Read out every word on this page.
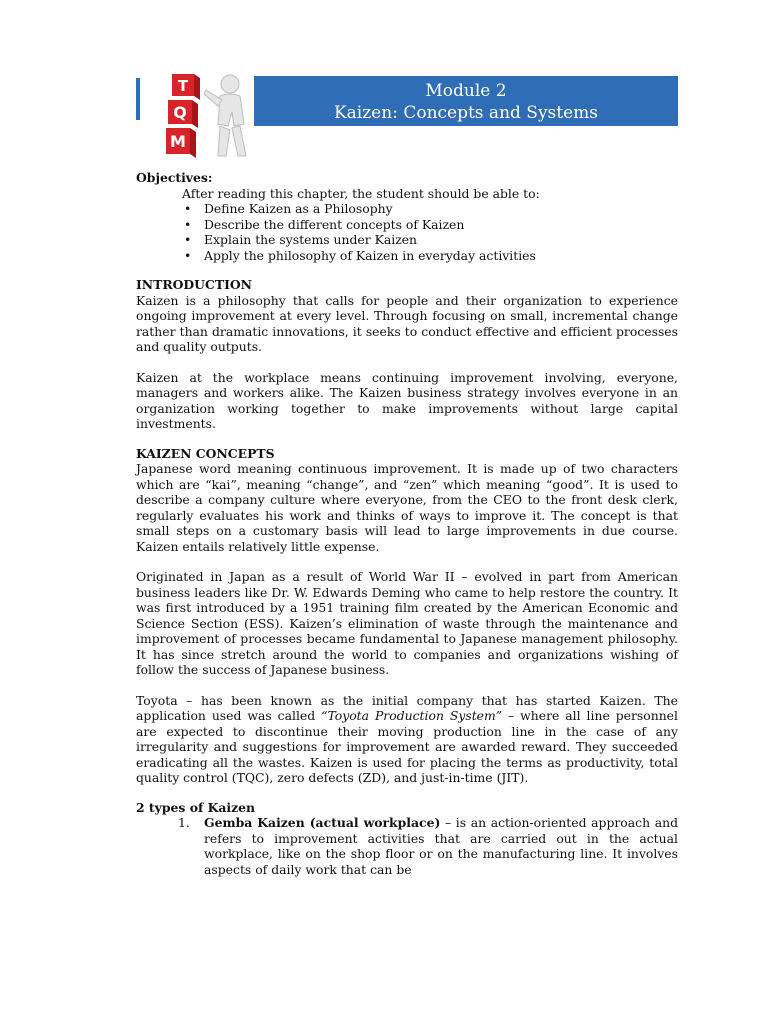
T
Q
M
Module 2
Kaizen: Concepts and Systems
Objectives:
After reading this chapter, the student should be able to:
• Define Kaizen as a Philosophy
• Describe the different concepts of Kaizen
• Explain the systems under Kaizen
• Apply the philosophy of Kaizen in everyday activities
INTRODUCTION

Kaizen is a philosophy that calls for people and their organization to experience ongoing improvement at every level. Through focusing on small, incremental change rather than dramatic innovations, it seeks to conduct effective and efficient processes and quality outputs.

Kaizen at the workplace means continuing improvement involving, everyone, managers and workers alike. The Kaizen business strategy involves everyone in an organization working together to make improvements without large capital investments.

KAIZEN CONCEPTS

Japanese word meaning continuous improvement. It is made up of two characters which are “kai”, meaning “change”, and “zen” which meaning “good”. It is used to describe a company culture where everyone, from the CEO to the front desk clerk, regularly evaluates his work and thinks of ways to improve it. The concept is that small steps on a customary basis will lead to large improvements in due course. Kaizen entails relatively little expense.

Originated in Japan as a result of World War II – evolved in part from American business leaders like Dr. W. Edwards Deming who came to help restore the country. It was first introduced by a 1951 training film created by the American Economic and Science Section (ESS). Kaizen’s elimination of waste through the maintenance and improvement of processes became fundamental to Japanese management philosophy. It has since stretch around the world to companies and organizations wishing of follow the success of Japanese business.

Toyota – has been known as the initial company that has started Kaizen. The application used was called “Toyota Production System” – where all line personnel are expected to discontinue their moving production line in the case of any irregularity and suggestions for improvement are awarded reward. They succeeded eradicating all the wastes. Kaizen is used for placing the terms as productivity, total quality control (TQC), zero defects (ZD), and just-in-time (JIT).

2 types of Kaizen
1. Gemba Kaizen (actual workplace) – is an action-oriented approach and refers to improvement activities that are carried out in the actual workplace, like on the shop floor or on the manufacturing line. It involves aspects of daily work that can be
